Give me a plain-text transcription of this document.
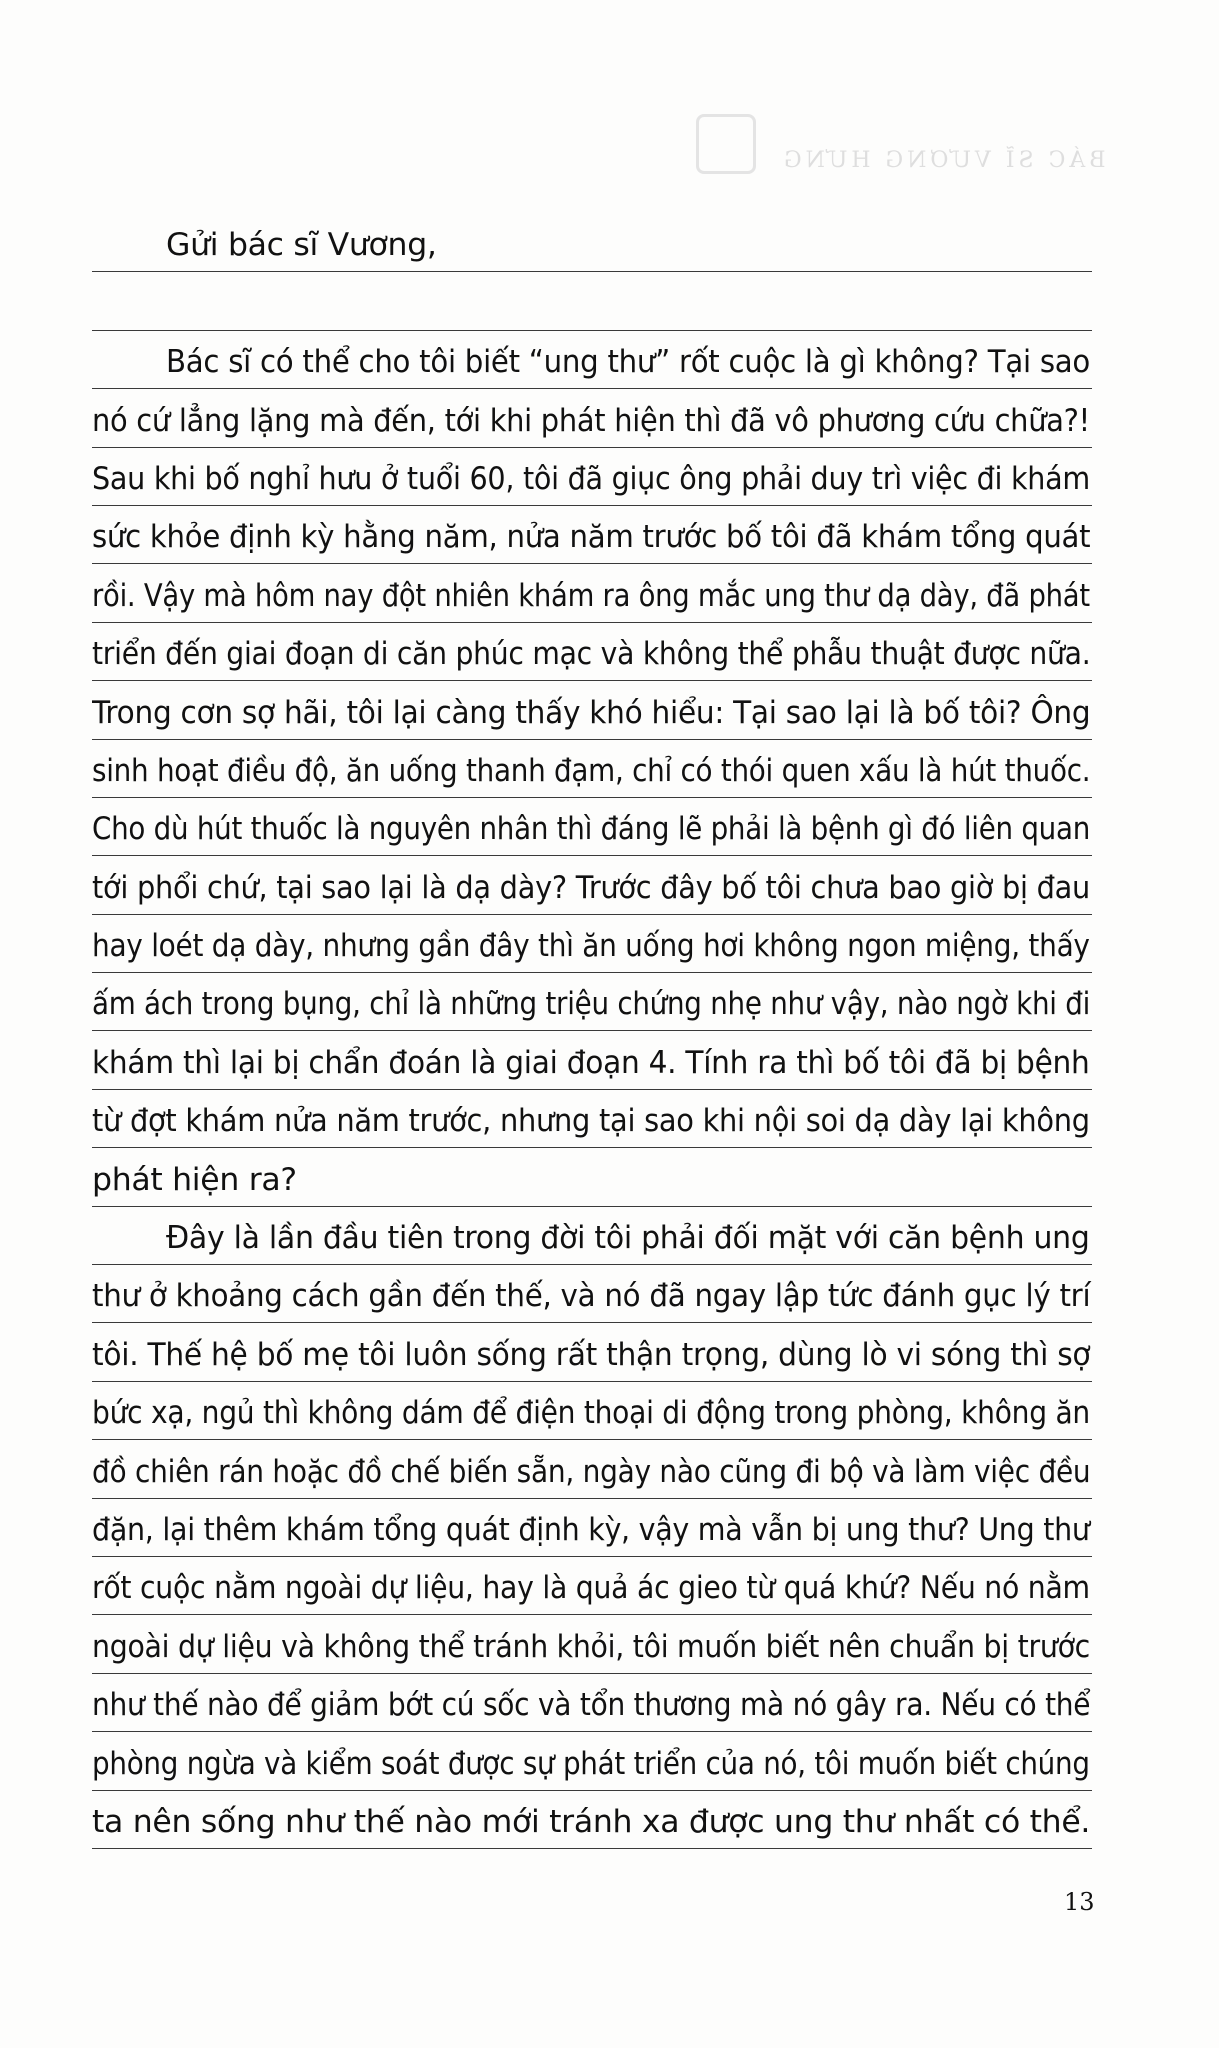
BÁC SĨ VƯƠNG HƯNG
Gửi bác sĩ Vương,
Bác sĩ có thể cho tôi biết “ung thư” rốt cuộc là gì không? Tại sao
nó cứ lẳng lặng mà đến, tới khi phát hiện thì đã vô phương cứu chữa?!
Sau khi bố nghỉ hưu ở tuổi 60, tôi đã giục ông phải duy trì việc đi khám
sức khỏe định kỳ hằng năm, nửa năm trước bố tôi đã khám tổng quát
rồi. Vậy mà hôm nay đột nhiên khám ra ông mắc ung thư dạ dày, đã phát
triển đến giai đoạn di căn phúc mạc và không thể phẫu thuật được nữa.
Trong cơn sợ hãi, tôi lại càng thấy khó hiểu: Tại sao lại là bố tôi? Ông
sinh hoạt điều độ, ăn uống thanh đạm, chỉ có thói quen xấu là hút thuốc.
Cho dù hút thuốc là nguyên nhân thì đáng lẽ phải là bệnh gì đó liên quan
tới phổi chứ, tại sao lại là dạ dày? Trước đây bố tôi chưa bao giờ bị đau
hay loét dạ dày, nhưng gần đây thì ăn uống hơi không ngon miệng, thấy
ấm ách trong bụng, chỉ là những triệu chứng nhẹ như vậy, nào ngờ khi đi
khám thì lại bị chẩn đoán là giai đoạn 4. Tính ra thì bố tôi đã bị bệnh
từ đợt khám nửa năm trước, nhưng tại sao khi nội soi dạ dày lại không
phát hiện ra?
Đây là lần đầu tiên trong đời tôi phải đối mặt với căn bệnh ung
thư ở khoảng cách gần đến thế, và nó đã ngay lập tức đánh gục lý trí
tôi. Thế hệ bố mẹ tôi luôn sống rất thận trọng, dùng lò vi sóng thì sợ
bức xạ, ngủ thì không dám để điện thoại di động trong phòng, không ăn
đồ chiên rán hoặc đồ chế biến sẵn, ngày nào cũng đi bộ và làm việc đều
đặn, lại thêm khám tổng quát định kỳ, vậy mà vẫn bị ung thư? Ung thư
rốt cuộc nằm ngoài dự liệu, hay là quả ác gieo từ quá khứ? Nếu nó nằm
ngoài dự liệu và không thể tránh khỏi, tôi muốn biết nên chuẩn bị trước
như thế nào để giảm bớt cú sốc và tổn thương mà nó gây ra. Nếu có thể
phòng ngừa và kiểm soát được sự phát triển của nó, tôi muốn biết chúng
ta nên sống như thế nào mới tránh xa được ung thư nhất có thể.
13
